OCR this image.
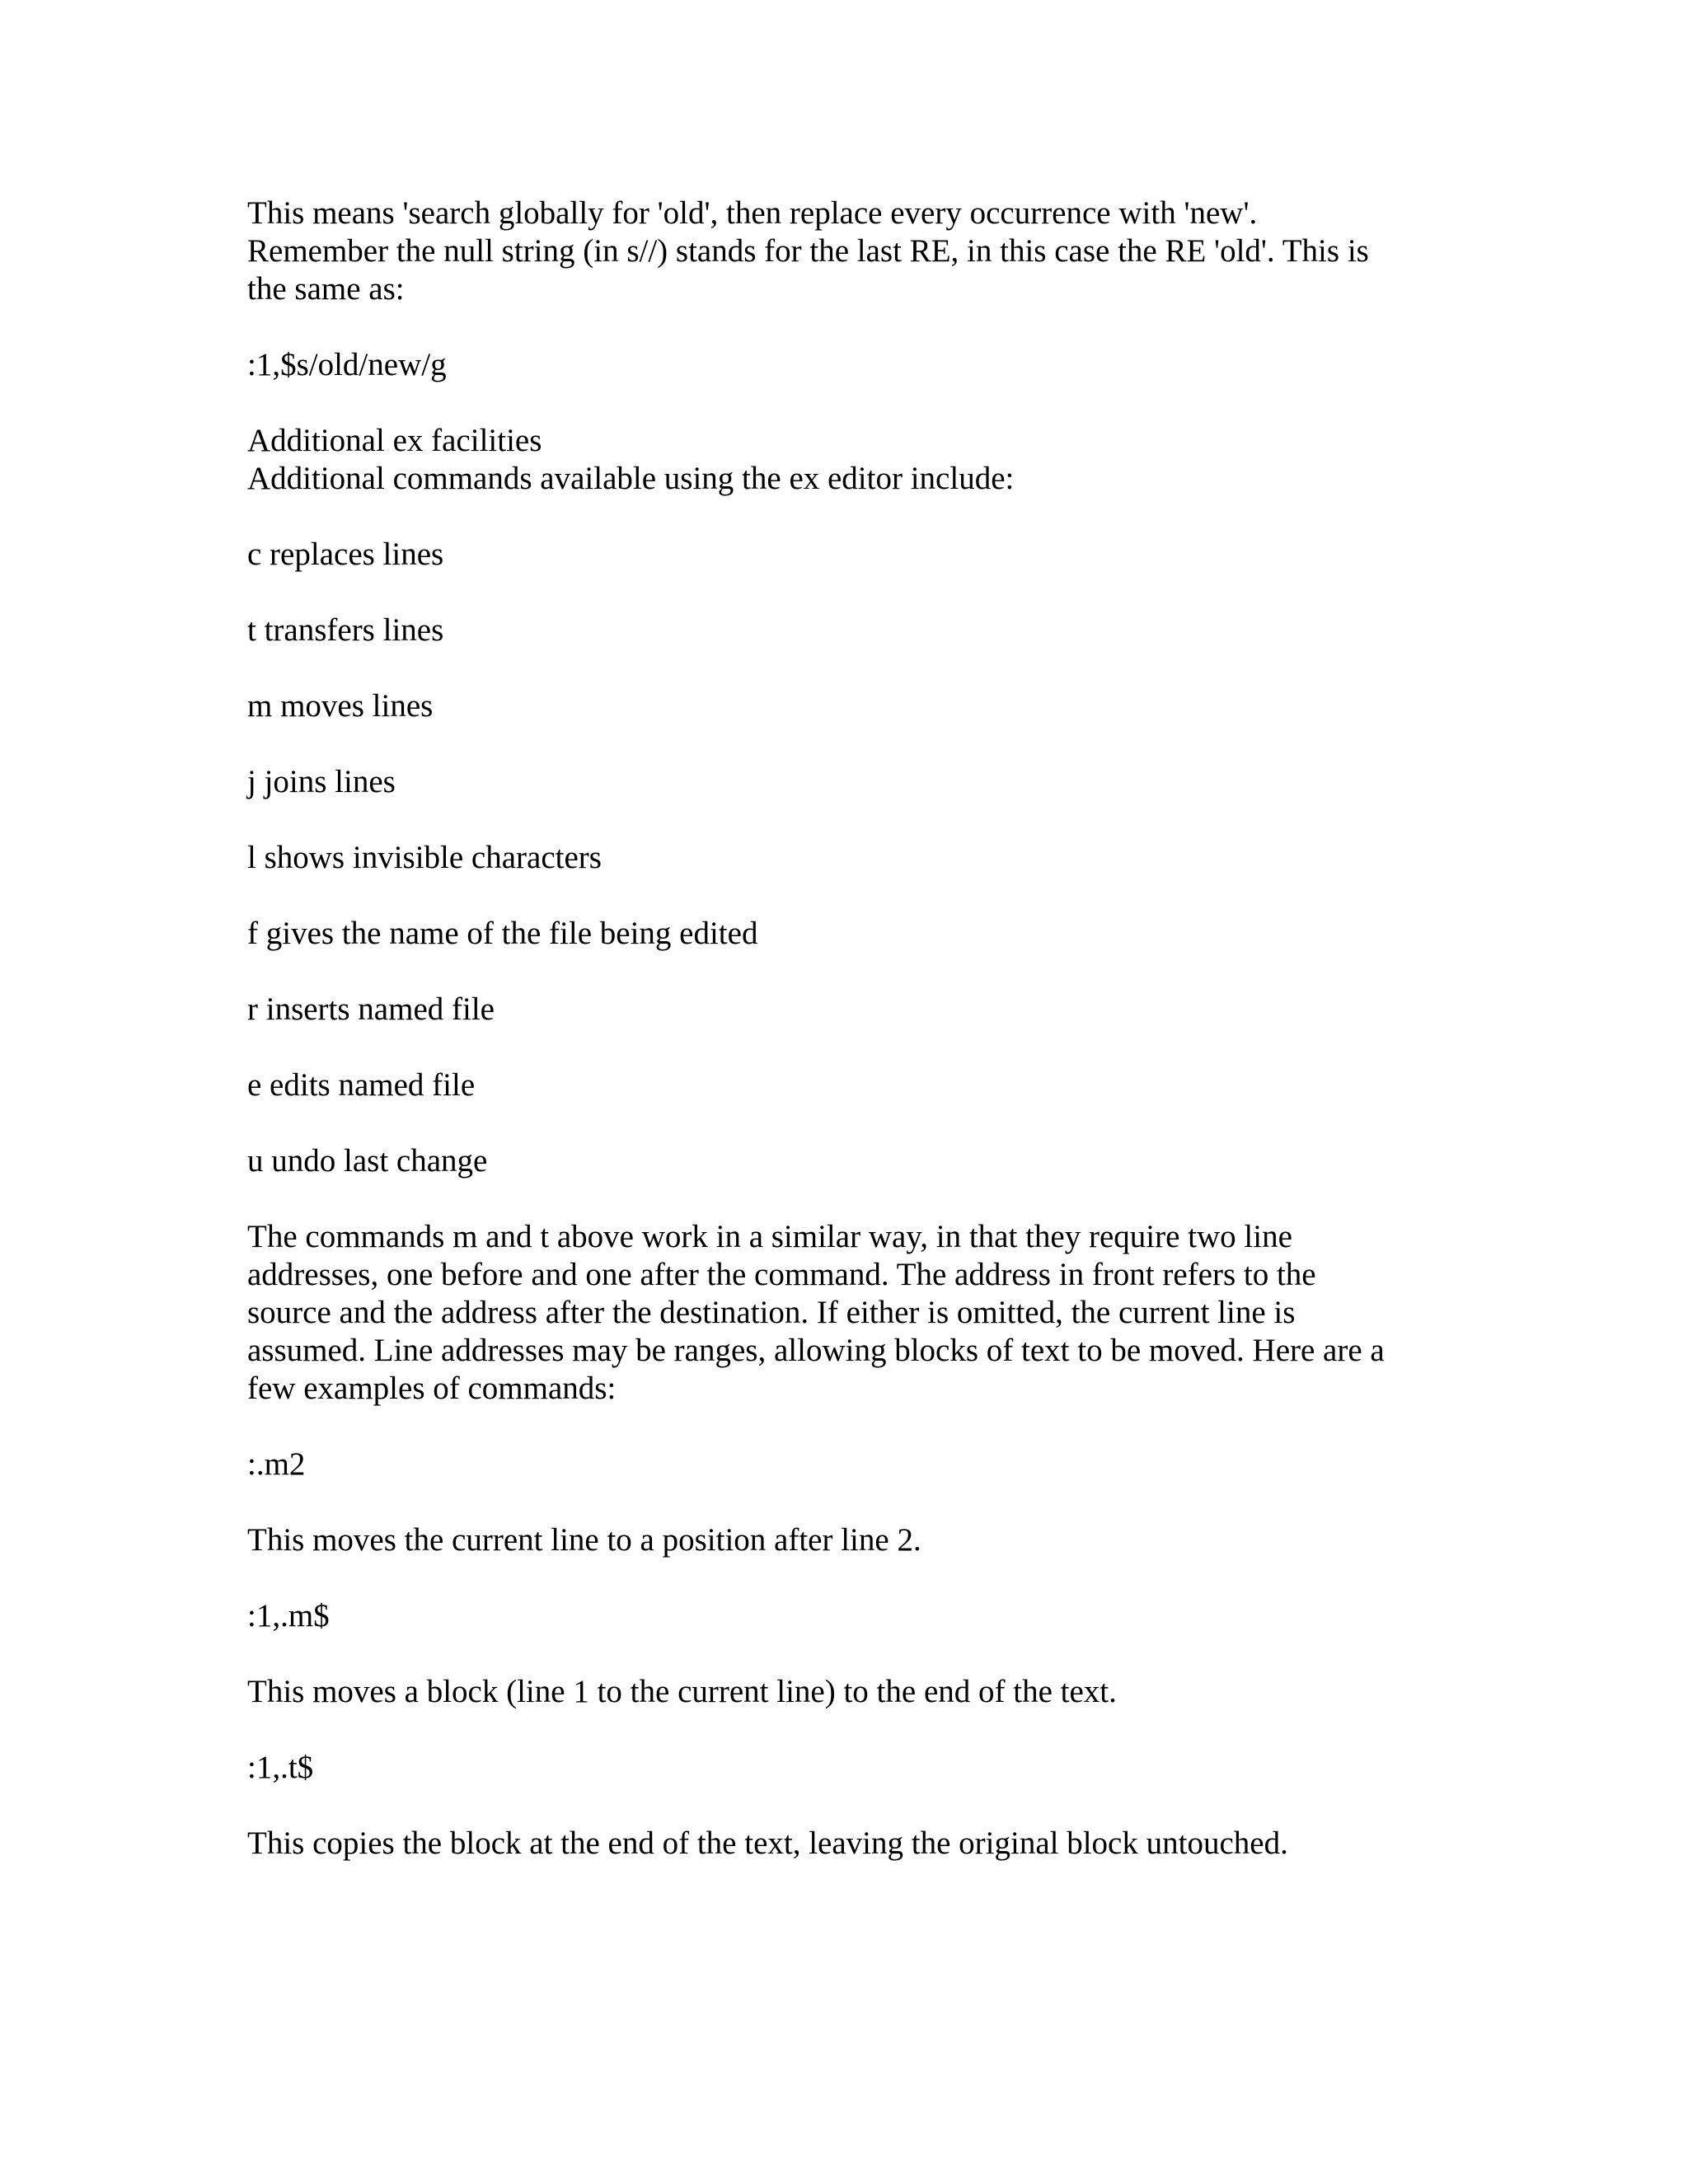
This means 'search globally for 'old', then replace every occurrence with 'new'.
Remember the null string (in s//) stands for the last RE, in this case the RE 'old'. This is
the same as:

:1,$s/old/new/g

Additional ex facilities
Additional commands available using the ex editor include:

c replaces lines

t transfers lines

m moves lines

j joins lines

l shows invisible characters

f gives the name of the file being edited

r inserts named file

e edits named file

u undo last change

The commands m and t above work in a similar way, in that they require two line
addresses, one before and one after the command. The address in front refers to the
source and the address after the destination. If either is omitted, the current line is
assumed. Line addresses may be ranges, allowing blocks of text to be moved. Here are a
few examples of commands:

:.m2

This moves the current line to a position after line 2.

:1,.m$

This moves a block (line 1 to the current line) to the end of the text.

:1,.t$

This copies the block at the end of the text, leaving the original block untouched.
